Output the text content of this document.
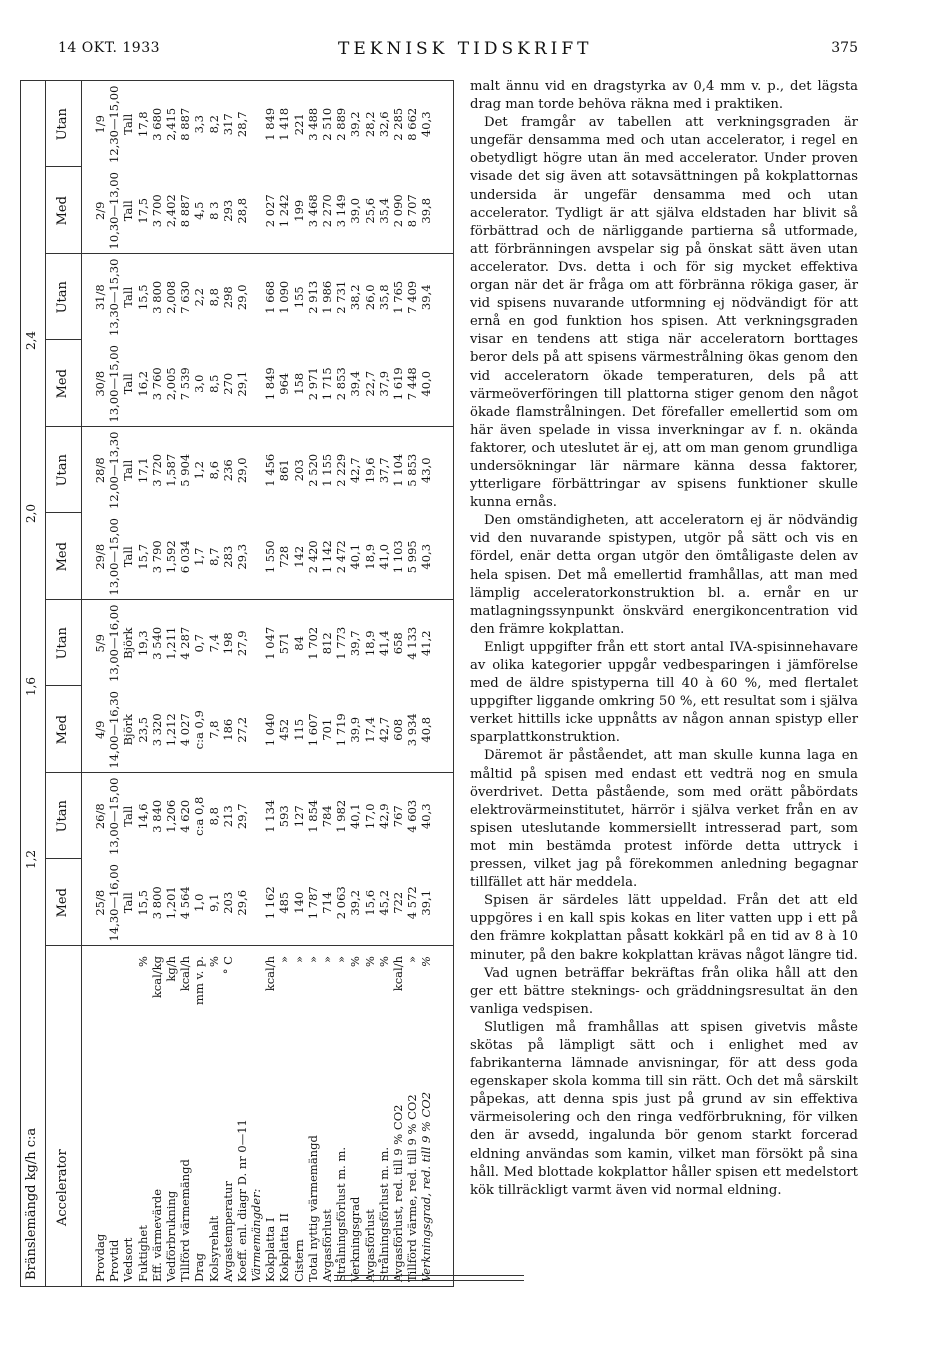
14 OKT. 1933	TEKNISK TIDSKRIFT	375
Bränslemängd kg/h c:a Accelerator
1,2
1,6
2,0
2,4
Med
Utan
Med
Utan
Med
Utan
Med
Utan
Med
Utan
Provdag Provtid Vedsort Fuktighet
%
Eff. värmevärde
kcal/kg
Vedförbrukning
kg/h
Tillförd värmemängd
kcal/h
Drag
mm v. p.
Kolsyrehalt
%
Avgastemperatur
° C
Koeff. enl. diagr D. nr 0—11 Värmemängder: Kokplatta I
kcal/h
Kokplatta II
»
Cistern
»
Total nyttig värmemängd
»
Avgasförlust
»
Strålningsförlust m. m.
»
Verkningsgrad
%
Avgasförlust
%
Strålningsförlust m. m.
%
Avgasförlust, red. till 9 % CO2
kcal/h
Tillförd värme, red. till 9 % CO2
»
Verkningsgrad, red. till 9 % CO2
%
25/8 14,30—16,00 Tall 15,5 3 800 1,201 4 564 1,0 9,1 203 29,6 1 162 485 140 1 787 714 2 063 39,2 15,6 45,2 722 4 572 39,1
26/8 13,00—15,00 Tall 14,6 3 840 1,206 4 620 c:a 0,8 8,8 213 29,7 1 134 593 127 1 854 784 1 982 40,1 17,0 42,9 767 4 603 40,3
4/9 14,00—16,30 Björk 23,5 3 320 1,212 4 027 c:a 0,9 7,8 186 27,2 1 040 452 115 1 607 701 1 719 39,9 17,4 42,7 608 3 934 40,8
5/9 13,00—16,00 Björk 19,3 3 540 1,211 4 287 0,7 7,4 198 27,9 1 047 571 84 1 702 812 1 773 39,7 18,9 41,4 658 4 133 41,2
29/8 13,00—15,00 Tall 15,7 3 790 1,592 6 034 1,7 8,7 283 29,3 1 550 728 142 2 420 1 142 2 472 40,1 18,9 41,0 1 103 5 995 40,3
28/8 12,00—13,30 Tall 17,1 3 720 1,587 5 904 1,2 8,6 236 29,0 1 456 861 203 2 520 1 155 2 229 42,7 19,6 37,7 1 104 5 853 43,0
30/8 13,00—15,00 Tall 16,2 3 760 2,005 7 539 3,0 8,5 270 29,1 1 849 964 158 2 971 1 715 2 853 39,4 22,7 37,9 1 619 7 448 40,0
31/8 13,30—15,30 Tall 15,5 3 800 2,008 7 630 2,2 8,8 298 29,0 1 668 1 090 155 2 913 1 986 2 731 38,2 26,0 35,8 1 765 7 409 39,4
2/9 10,30—13,00 Tall 17,5 3 700 2,402 8 887 4,5 8 3 293 28,8 2 027 1 242 199 3 468 2 270 3 149 39,0 25,6 35,4 2 090 8 707 39,8
1/9 12,30—15,00 Tall 17,8 3 680 2,415 8 887 3,3 8,2 317 28,7 1 849 1 418 221 3 488 2 510 2 889 39,2 28,2 32,6 2 285 8 662 40,3

malt ännu vid en dragstyrka av 0,4 mm v. p., det lägsta drag man torde behöva räkna med i praktiken.

Det framgår av tabellen att verkningsgraden är ungefär densamma med och utan accelerator, i regel en obetydligt högre utan än med accelerator. Under proven visade det sig även att sotavsättningen på kokplattornas undersida är ungefär densamma med och utan accelerator. Tydligt är att själva eldstaden har blivit så förbättrad och de närliggande partierna så utformade, att förbränningen avspelar sig på önskat sätt även utan accelerator. Dvs. detta i och för sig mycket effektiva organ när det är fråga om att förbränna rökiga gaser, är vid spisens nuvarande utformning ej nödvändigt för att ernå en god funktion hos spisen. Att verkningsgraden visar en tendens att stiga när acceleratorn borttages beror dels på att spisens värmestrålning ökas genom den vid acceleratorn ökade temperaturen, dels på att värmeöverföringen till plattorna stiger genom den något ökade flamstrålningen. Det förefaller emellertid som om här även spelade in vissa inverkningar av f. n. okända faktorer, och uteslutet är ej, att om man genom grundliga undersökningar lär närmare känna dessa faktorer, ytterligare förbättringar av spisens funktioner skulle kunna ernås.

Den omständigheten, att acceleratorn ej är nödvändig vid den nuvarande spistypen, utgör på sätt och vis en fördel, enär detta organ utgör den ömtåligaste delen av hela spisen. Det må emellertid framhållas, att man med lämplig acceleratorkonstruktion bl. a. ernår en ur matlagningssynpunkt önskvärd energikoncentration vid den främre kokplattan.

Enligt uppgifter från ett stort antal IVA-spisinnehavare av olika kategorier uppgår vedbesparingen i jämförelse med de äldre spistyperna till 40 à 60 %, med flertalet uppgifter liggande omkring 50 %, ett resultat som i själva verket hittills icke uppnåtts av någon annan spistyp eller sparplattkonstruktion.

Däremot är påståendet, att man skulle kunna laga en måltid på spisen med endast ett vedträ nog en smula överdrivet. Detta påstående, som med orätt påbördats elektrovärmeinstitutet, härrör i själva verket från en av spisen uteslutande kommersiellt intresserad part, som mot min bestämda protest införde detta uttryck i pressen, vilket jag på förekommen anledning begagnar tillfället att här meddela.

Spisen är särdeles lätt uppeldad. Från det att eld uppgöres i en kall spis kokas en liter vatten upp i ett på den främre kokplattan påsatt kokkärl på en tid av 8 à 10 minuter, på den bakre kokplattan krävas något längre tid.

Vad ugnen beträffar bekräftas från olika håll att den ger ett bättre steknings- och gräddningsresultat än den vanliga vedspisen.

Slutligen må framhållas att spisen givetvis måste skötas på lämpligt sätt och i enlighet med av fabrikanterna lämnade anvisningar, för att dess goda egenskaper skola komma till sin rätt. Och det må särskilt påpekas, att denna spis just på grund av sin effektiva värmeisolering och den ringa vedförbrukning, för vilken den är avsedd, ingalunda bör genom starkt forcerad eldning användas som kamin, vilket man försökt på sina håll. Med blottade kokplattor håller spisen ett medelstort kök tillräckligt varmt även vid normal eldning.
